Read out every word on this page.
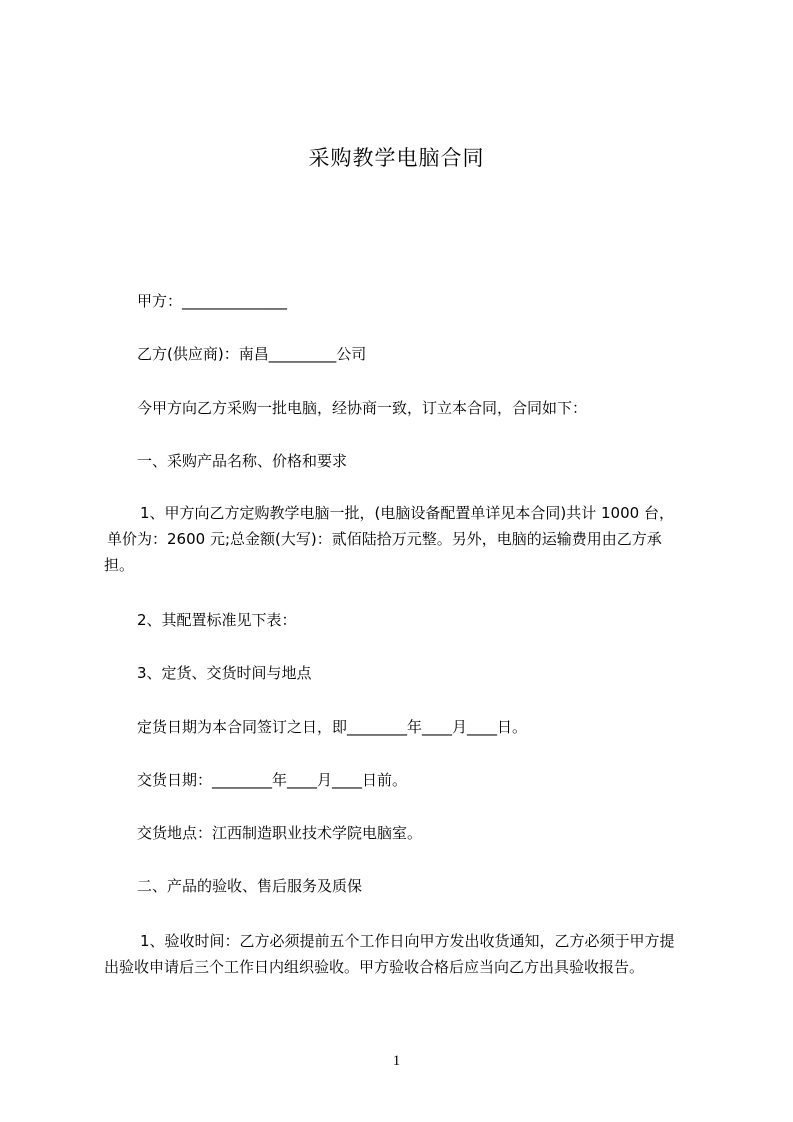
采购教学电脑合同
甲方：______________
乙方(供应商)：南昌_________公司
今甲方向乙方采购一批电脑，经协商一致，订立本合同，合同如下：
一、采购产品名称、价格和要求
1、甲方向乙方定购教学电脑一批，(电脑设备配置单详见本合同)共计 1000 台，
单价为：2600 元;总金额(大写)：贰佰陆拾万元整。另外，电脑的运输费用由乙方承
担。
2、其配置标准见下表：
3、定货、交货时间与地点
定货日期为本合同签订之日，即________年____月____日。
交货日期：________年____月____日前。
交货地点：江西制造职业技术学院电脑室。
二、产品的验收、售后服务及质保
1、验收时间：乙方必须提前五个工作日向甲方发出收货通知，乙方必须于甲方提
出验收申请后三个工作日内组织验收。甲方验收合格后应当向乙方出具验收报告。
1
